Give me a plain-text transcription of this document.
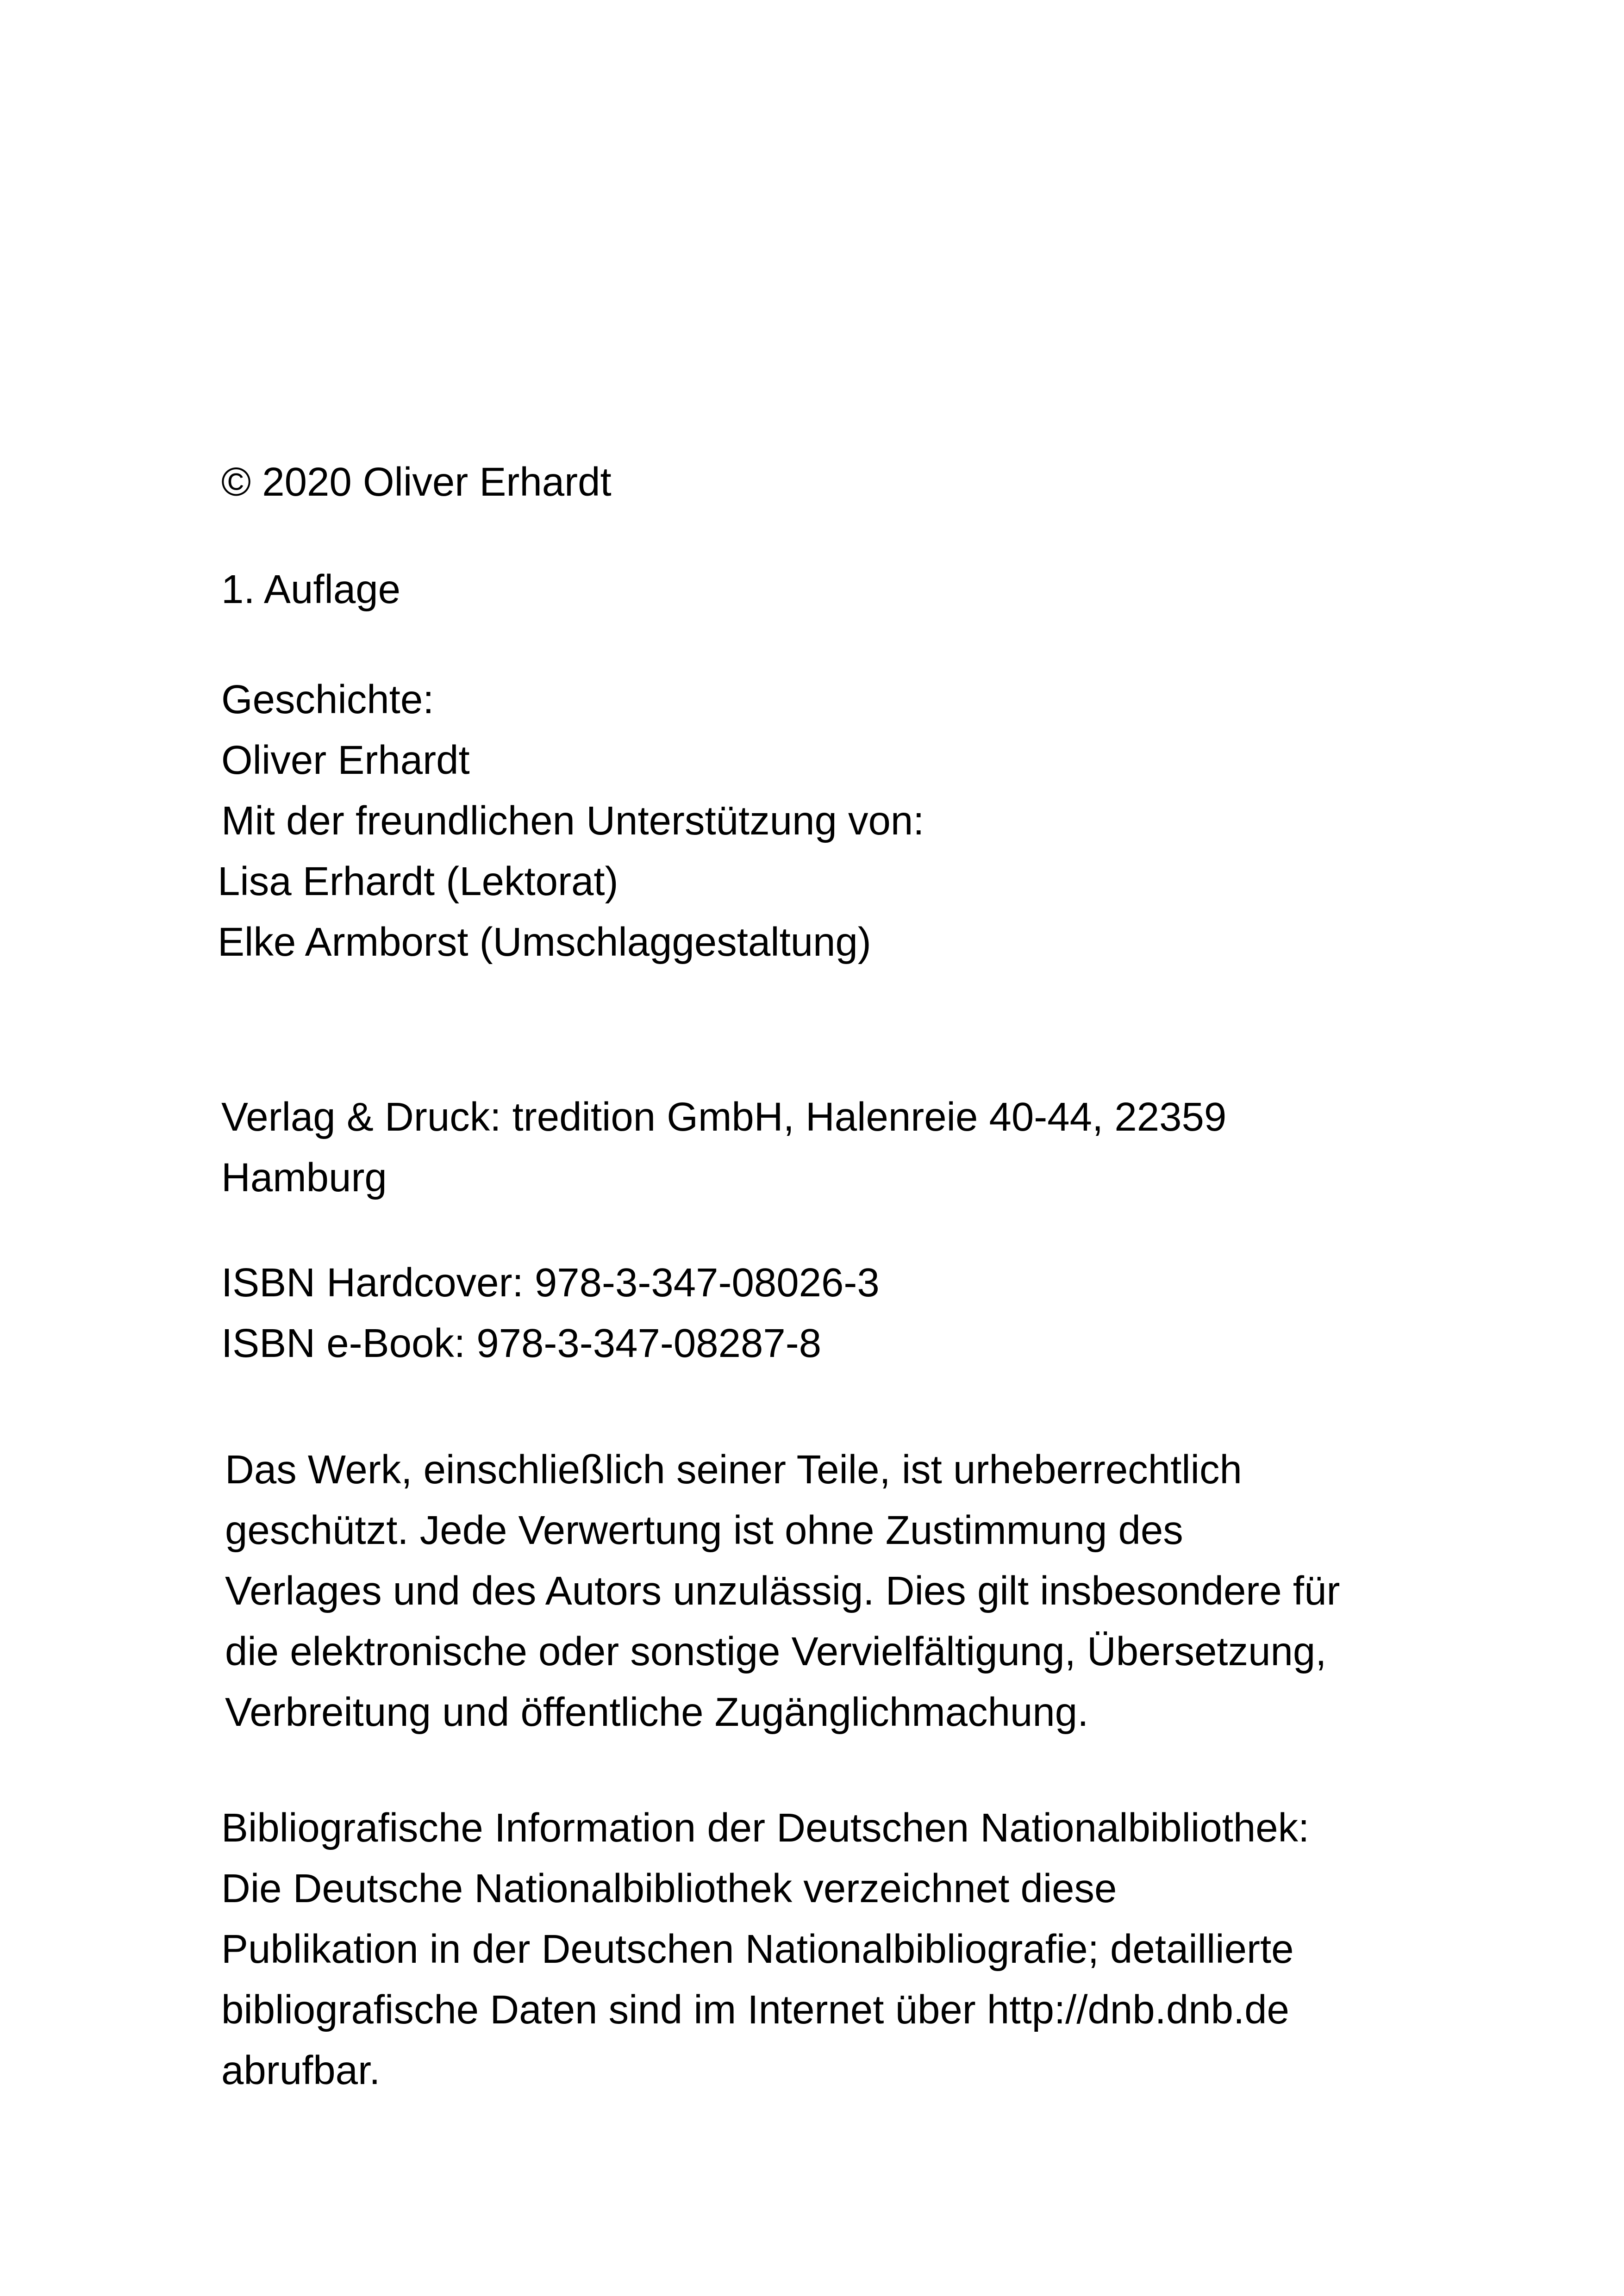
© 2020 Oliver Erhardt
1. Auflage
Geschichte:
Oliver Erhardt
Mit der freundlichen Unterstützung von:
Lisa Erhardt (Lektorat)
Elke Armborst (Umschlaggestaltung)
Verlag & Druck: tredition GmbH, Halenreie 40-44, 22359
Hamburg
ISBN Hardcover: 978-3-347-08026-3
ISBN e-Book: 978-3-347-08287-8
Das Werk, einschließlich seiner Teile, ist urheberrechtlich
geschützt. Jede Verwertung ist ohne Zustimmung des
Verlages und des Autors unzulässig. Dies gilt insbesondere für
die elektronische oder sonstige Vervielfältigung, Übersetzung,
Verbreitung und öffentliche Zugänglichmachung.
Bibliografische Information der Deutschen Nationalbibliothek:
Die Deutsche Nationalbibliothek verzeichnet diese
Publikation in der Deutschen Nationalbibliografie; detaillierte
bibliografische Daten sind im Internet über http://dnb.dnb.de
abrufbar.
